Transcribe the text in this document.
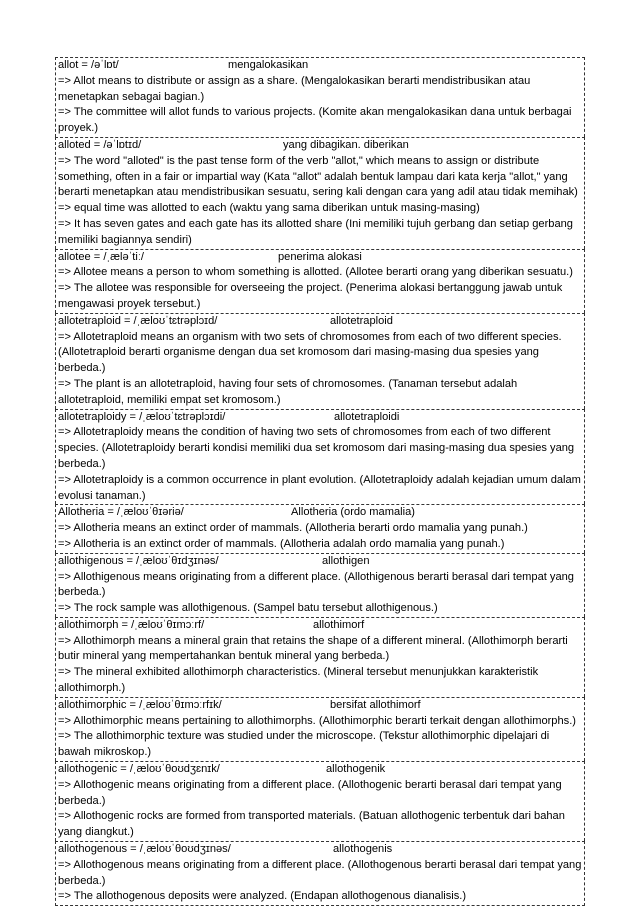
allot = /əˈlɒt/	mengalokasikan

=> Allot means to distribute or assign as a share. (Mengalokasikan berarti mendistribusikan atau menetapkan sebagai bagian.)

=> The committee will allot funds to various projects. (Komite akan mengalokasikan dana untuk berbagai proyek.)

alloted = /əˈlɒtɪd/	yang dibagikan. diberikan

=> The word "alloted" is the past tense form of the verb "allot," which means to assign or distribute something, often in a fair or impartial way (Kata "allot" adalah bentuk lampau dari kata kerja "allot," yang berarti menetapkan atau mendistribusikan sesuatu, sering kali dengan cara yang adil atau tidak memihak)

=> equal time was allotted to each (waktu yang sama diberikan untuk masing-masing)

=> It has seven gates and each gate has its allotted share (Ini memiliki tujuh gerbang dan setiap gerbang memiliki bagiannya sendiri)

allotee = /ˌæləˈtiː/	penerima alokasi

=> Allotee means a person to whom something is allotted. (Allotee berarti orang yang diberikan sesuatu.)

=> The allotee was responsible for overseeing the project. (Penerima alokasi bertanggung jawab untuk mengawasi proyek tersebut.)

allotetraploid = /ˌæloʊˈtɛtrəplɔɪd/	allotetraploid

=> Allotetraploid means an organism with two sets of chromosomes from each of two different species. (Allotetraploid berarti organisme dengan dua set kromosom dari masing-masing dua spesies yang berbeda.)

=> The plant is an allotetraploid, having four sets of chromosomes. (Tanaman tersebut adalah allotetraploid, memiliki empat set kromosom.)

allotetraploidy = /ˌæloʊˈtɛtrəplɔɪdi/	allotetraploidi

=> Allotetraploidy means the condition of having two sets of chromosomes from each of two different species. (Allotetraploidy berarti kondisi memiliki dua set kromosom dari masing-masing dua spesies yang berbeda.)

=> Allotetraploidy is a common occurrence in plant evolution. (Allotetraploidy adalah kejadian umum dalam evolusi tanaman.)

Allotheria = /ˌæloʊˈθɪəriə/	Allotheria (ordo mamalia)

=> Allotheria means an extinct order of mammals. (Allotheria berarti ordo mamalia yang punah.)

=> Allotheria is an extinct order of mammals. (Allotheria adalah ordo mamalia yang punah.)

allothigenous = /ˌæloʊˈθɪdʒɪnəs/	allothigen

=> Allothigenous means originating from a different place. (Allothigenous berarti berasal dari tempat yang berbeda.)

=> The rock sample was allothigenous. (Sampel batu tersebut allothigenous.)

allothimorph = /ˌæloʊˈθɪmɔːrf/	allothimorf

=> Allothimorph means a mineral grain that retains the shape of a different mineral. (Allothimorph berarti butir mineral yang mempertahankan bentuk mineral yang berbeda.)

=> The mineral exhibited allothimorph characteristics. (Mineral tersebut menunjukkan karakteristik allothimorph.)

allothimorphic = /ˌæloʊˈθɪmɔːrfɪk/	bersifat allothimorf

=> Allothimorphic means pertaining to allothimorphs. (Allothimorphic berarti terkait dengan allothimorphs.)

=> The allothimorphic texture was studied under the microscope. (Tekstur allothimorphic dipelajari di bawah mikroskop.)

allothogenic = /ˌæloʊˈθoʊdʒɛnɪk/	allothogenik

=> Allothogenic means originating from a different place. (Allothogenic berarti berasal dari tempat yang berbeda.)

=> Allothogenic rocks are formed from transported materials. (Batuan allothogenic terbentuk dari bahan yang diangkut.)

allothogenous = /ˌæloʊˈθoʊdʒɪnəs/	allothogenis

=> Allothogenous means originating from a different place. (Allothogenous berarti berasal dari tempat yang berbeda.)

=> The allothogenous deposits were analyzed. (Endapan allothogenous dianalisis.)
